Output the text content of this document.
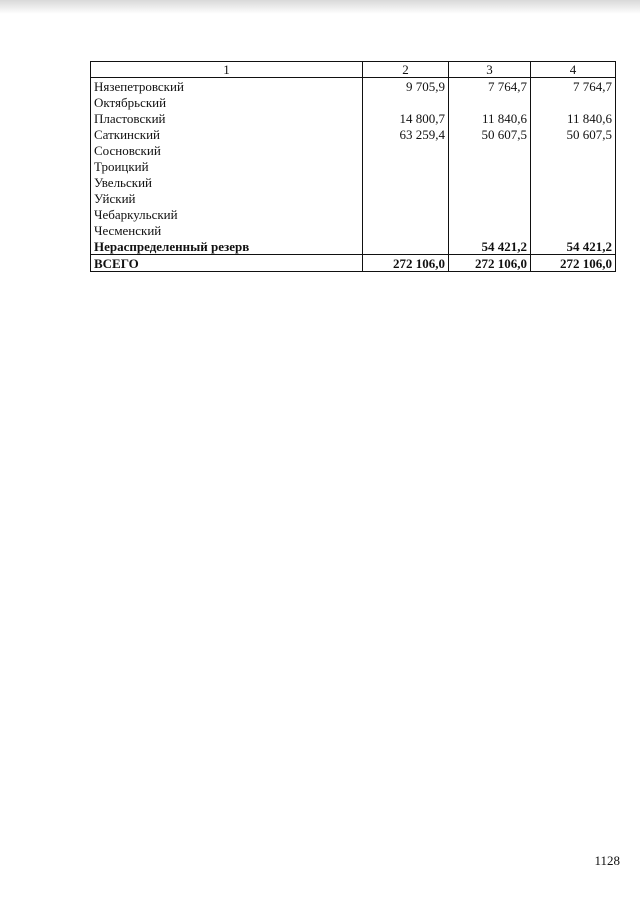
1	2	3	4
Нязепетровский	9 705,9	7 764,7	7 764,7
Октябрьский			
Пластовский	14 800,7	11 840,6	11 840,6
Саткинский	63 259,4	50 607,5	50 607,5
Сосновский			
Троицкий			
Увельский			
Уйский			
Чебаркульский			
Чесменский			
Нераспределенный резерв		54 421,2	54 421,2
ВСЕГО	272 106,0	272 106,0	272 106,0
1128
